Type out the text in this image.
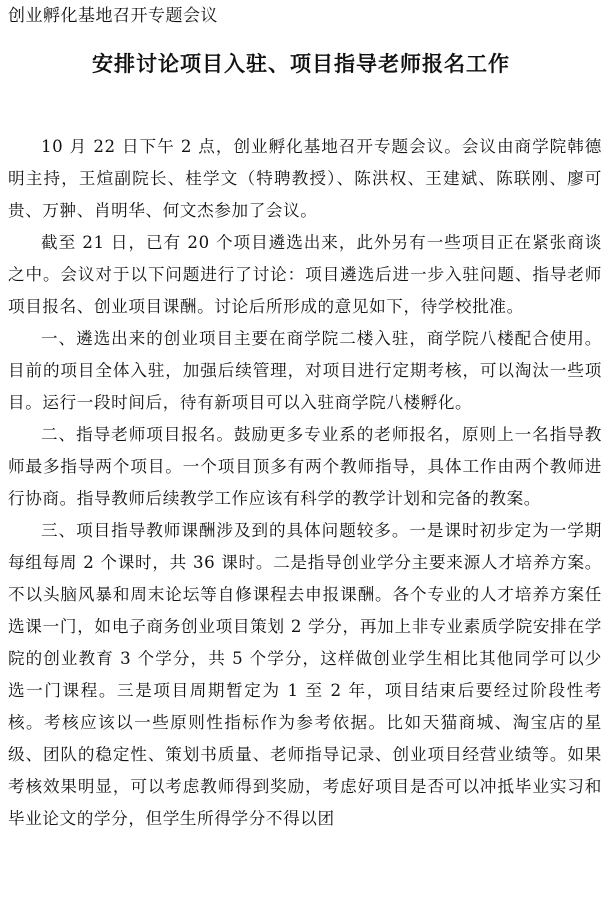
创业孵化基地召开专题会议
安排讨论项目入驻、项目指导老师报名工作

10 月 22 日下午 2 点，创业孵化基地召开专题会议。会议由商学院韩德明主持，王煊副院长、桂学文（特聘教授）、陈洪权、王建斌、陈联刚、廖可贵、万翀、肖明华、何文杰参加了会议。

截至 21 日，已有 20 个项目遴选出来，此外另有一些项目正在紧张商谈之中。会议对于以下问题进行了讨论：项目遴选后进一步入驻问题、指导老师项目报名、创业项目课酬。讨论后所形成的意见如下，待学校批准。

一、遴选出来的创业项目主要在商学院二楼入驻，商学院八楼配合使用。目前的项目全体入驻，加强后续管理，对项目进行定期考核，可以淘汰一些项目。运行一段时间后，待有新项目可以入驻商学院八楼孵化。

二、指导老师项目报名。鼓励更多专业系的老师报名，原则上一名指导教师最多指导两个项目。一个项目顶多有两个教师指导，具体工作由两个教师进行协商。指导教师后续教学工作应该有科学的教学计划和完备的教案。

三、项目指导教师课酬涉及到的具体问题较多。一是课时初步定为一学期每组每周 2 个课时，共 36 课时。二是指导创业学分主要来源人才培养方案。不以头脑风暴和周末论坛等自修课程去申报课酬。各个专业的人才培养方案任选课一门，如电子商务创业项目策划 2 学分，再加上非专业素质学院安排在学院的创业教育 3 个学分，共 5 个学分，这样做创业学生相比其他同学可以少选一门课程。三是项目周期暂定为 1 至 2 年，项目结束后要经过阶段性考核。考核应该以一些原则性指标作为参考依据。比如天猫商城、淘宝店的星级、团队的稳定性、策划书质量、老师指导记录、创业项目经营业绩等。如果考核效果明显，可以考虑教师得到奖励，考虑好项目是否可以冲抵毕业实习和毕业论文的学分，但学生所得学分不得以团
